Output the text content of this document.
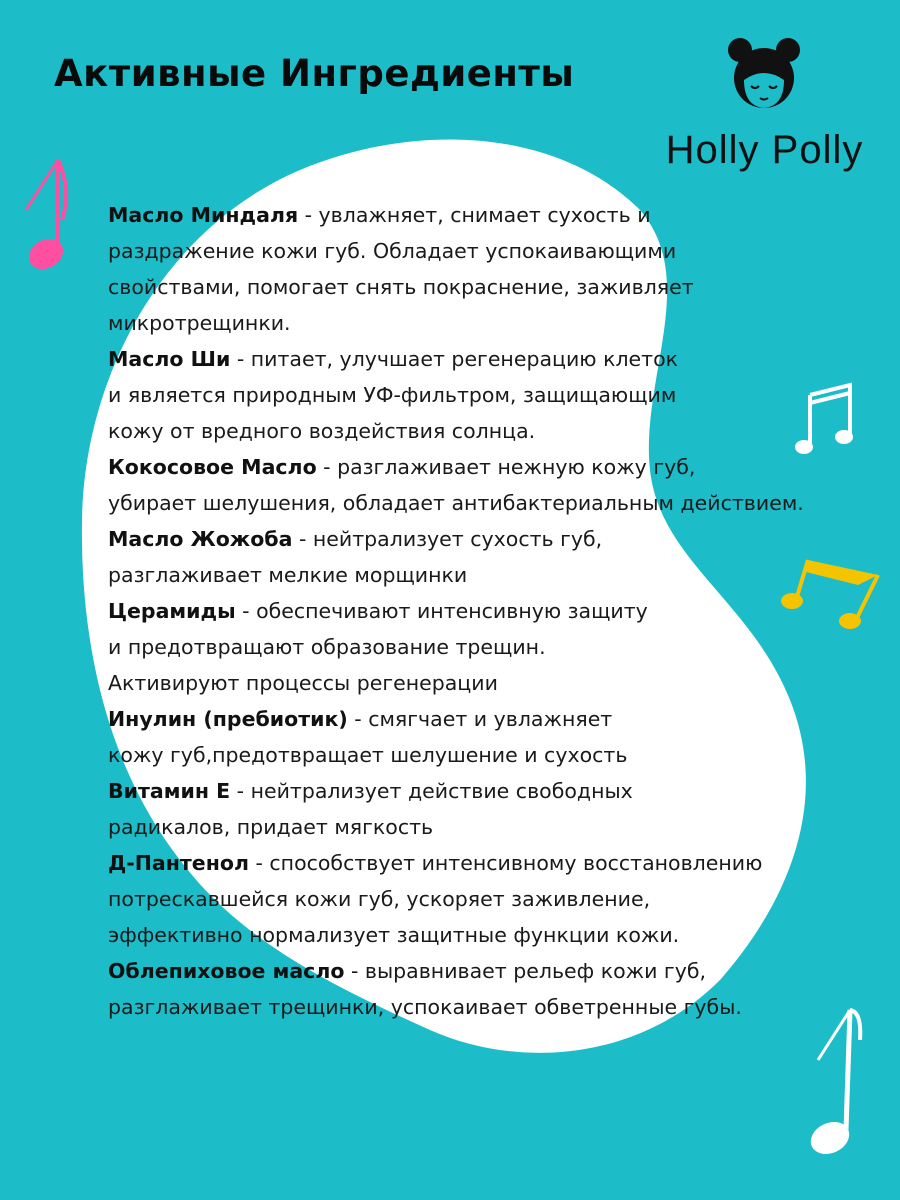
Активные Ингредиенты
Holly Polly

Масло Миндаля - увлажняет, снимает сухость и

раздражение кожи губ. Обладает успокаивающими

свойствами, помогает снять покраснение, заживляет

микротрещинки.

Масло Ши - питает, улучшает регенерацию клеток

и является природным УФ-фильтром, защищающим

кожу от вредного воздействия солнца.

Кокосовое Масло - разглаживает нежную кожу губ,

убирает шелушения, обладает антибактериальным действием.

Масло Жожоба - нейтрализует сухость губ,

разглаживает мелкие морщинки

Церамиды - обеспечивают интенсивную защиту

и предотвращают образование трещин.

Активируют процессы регенерации

Инулин (пребиотик) - смягчает и увлажняет

кожу губ,предотвращает шелушение и сухость

Витамин Е - нейтрализует действие свободных

радикалов, придает мягкость

Д-Пантенол - способствует интенсивному восстановлению

потрескавшейся кожи губ, ускоряет заживление,

эффективно нормализует защитные функции кожи.

Облепиховое масло - выравнивает рельеф кожи губ,

разглаживает трещинки, успокаивает обветренные губы.
